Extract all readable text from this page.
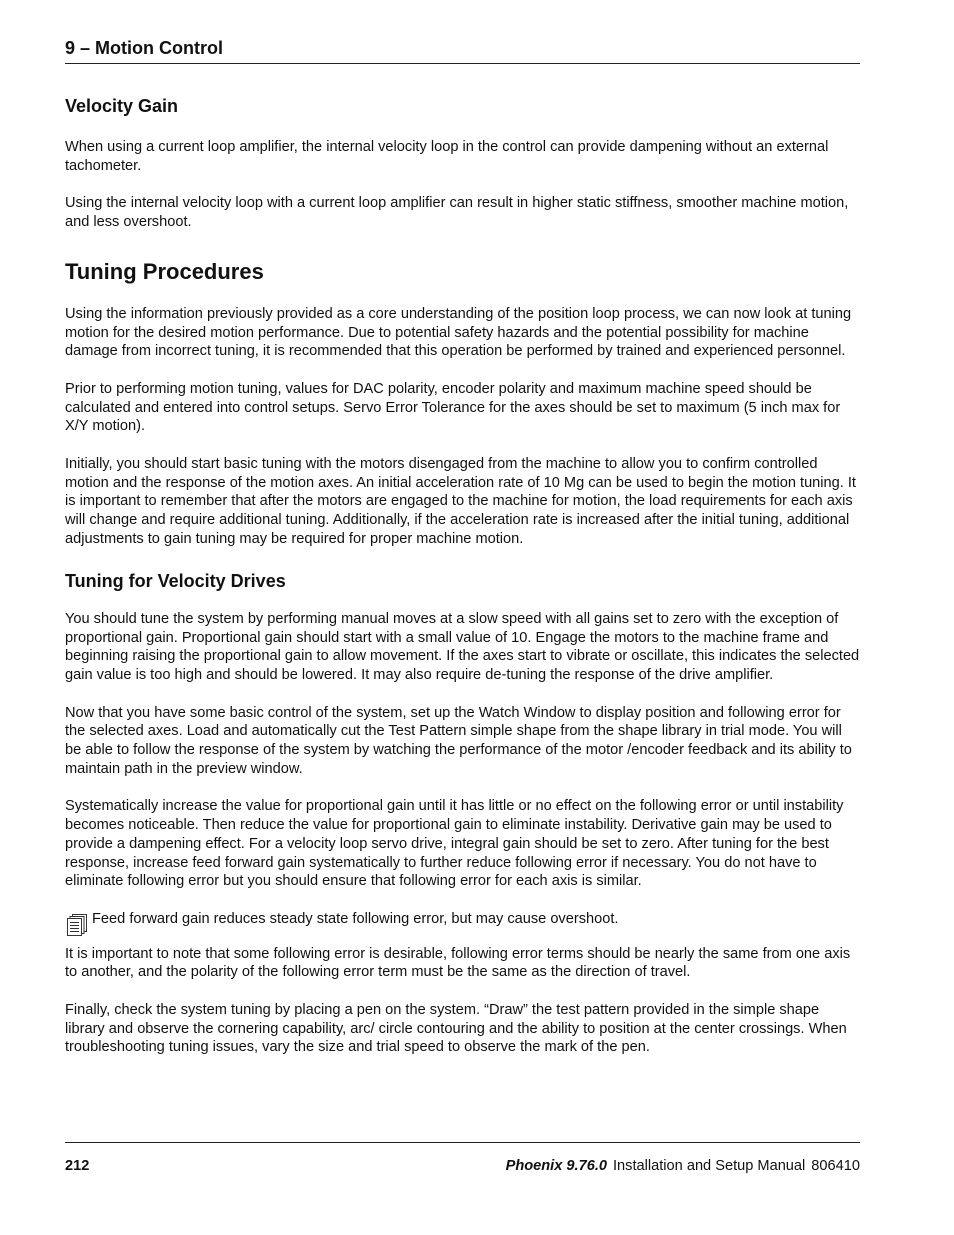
9 – Motion Control
Velocity Gain

When using a current loop amplifier, the internal velocity loop in the control can provide dampening without an external tachometer.

Using the internal velocity loop with a current loop amplifier can result in higher static stiffness, smoother machine motion, and less overshoot.

Tuning Procedures

Using the information previously provided as a core understanding of the position loop process, we can now look at tuning motion for the desired motion performance. Due to potential safety hazards and the potential possibility for machine damage from incorrect tuning, it is recommended that this operation be performed by trained and experienced personnel.

Prior to performing motion tuning, values for DAC polarity, encoder polarity and maximum machine speed should be calculated and entered into control setups. Servo Error Tolerance for the axes should be set to maximum (5 inch max for X/Y motion).

Initially, you should start basic tuning with the motors disengaged from the machine to allow you to confirm controlled motion and the response of the motion axes. An initial acceleration rate of 10 Mg can be used to begin the motion tuning. It is important to remember that after the motors are engaged to the machine for motion, the load requirements for each axis will change and require additional tuning. Additionally, if the acceleration rate is increased after the initial tuning, additional adjustments to gain tuning may be required for proper machine motion.

Tuning for Velocity Drives

You should tune the system by performing manual moves at a slow speed with all gains set to zero with the exception of proportional gain. Proportional gain should start with a small value of 10. Engage the motors to the machine frame and beginning raising the proportional gain to allow movement. If the axes start to vibrate or oscillate, this indicates the selected gain value is too high and should be lowered. It may also require de-tuning the response of the drive amplifier.

Now that you have some basic control of the system, set up the Watch Window to display position and following error for the selected axes. Load and automatically cut the Test Pattern simple shape from the shape library in trial mode. You will be able to follow the response of the system by watching the performance of the motor /encoder feedback and its ability to maintain path in the preview window.

Systematically increase the value for proportional gain until it has little or no effect on the following error or until instability becomes noticeable. Then reduce the value for proportional gain to eliminate instability. Derivative gain may be used to provide a dampening effect. For a velocity loop servo drive, integral gain should be set to zero. After tuning for the best response, increase feed forward gain systematically to further reduce following error if necessary. You do not have to eliminate following error but you should ensure that following error for each axis is similar.

Feed forward gain reduces steady state following error, but may cause overshoot.

It is important to note that some following error is desirable, following error terms should be nearly the same from one axis to another, and the polarity of the following error term must be the same as the direction of travel.

Finally, check the system tuning by placing a pen on the system. “Draw” the test pattern provided in the simple shape library and observe the cornering capability, arc/ circle contouring and the ability to position at the center crossings. When troubleshooting tuning issues, vary the size and trial speed to observe the mark of the pen.

212	Phoenix 9.76.0 Installation and Setup Manual 806410
